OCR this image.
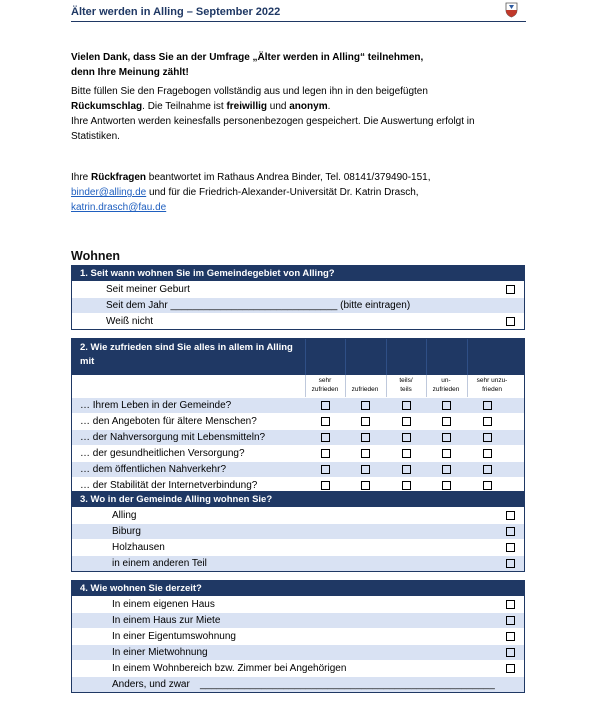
Älter werden in Alling – September 2022
Vielen Dank, dass Sie an der Umfrage „Älter werden in Alling“ teilnehmen,
denn Ihre Meinung zählt!
Bitte füllen Sie den Fragebogen vollständig aus und legen ihn in den beigefügten
Rückumschlag. Die Teilnahme ist freiwillig und anonym.
Ihre Antworten werden keinesfalls personenbezogen gespeichert. Die Auswertung erfolgt in
Statistiken.
Ihre Rückfragen beantwortet im Rathaus Andrea Binder, Tel. 08141/379490-151,
binder@alling.de und für die Friedrich-Alexander-Universität Dr. Katrin Drasch,
katrin.drasch@fau.de
Wohnen
1. Seit wann wohnen Sie im Gemeindegebiet von Alling?
Seit meiner Geburt
Seit dem Jahr ______________________________ (bitte eintragen)
Weiß nicht
2. Wie zufrieden sind Sie alles in allem in Alling mit
sehr
zufrieden	zufrieden
teils/
teils
un-
zufrieden
sehr unzu-
frieden
… Ihrem Leben in der Gemeinde?
… den Angeboten für ältere Menschen?
… der Nahversorgung mit Lebensmitteln?
… der gesundheitlichen Versorgung?
… dem öffentlichen Nahverkehr?
… der Stabilität der Internetverbindung?
3. Wo in der Gemeinde Alling wohnen Sie?
Alling
Biburg
Holzhausen
in einem anderen Teil
4. Wie wohnen Sie derzeit?
In einem eigenen Haus
In einem Haus zur Miete
In einer Eigentumswohnung
In einer Mietwohnung
In einem Wohnbereich bzw. Zimmer bei Angehörigen
Anders, und zwar _____________________________________________________
